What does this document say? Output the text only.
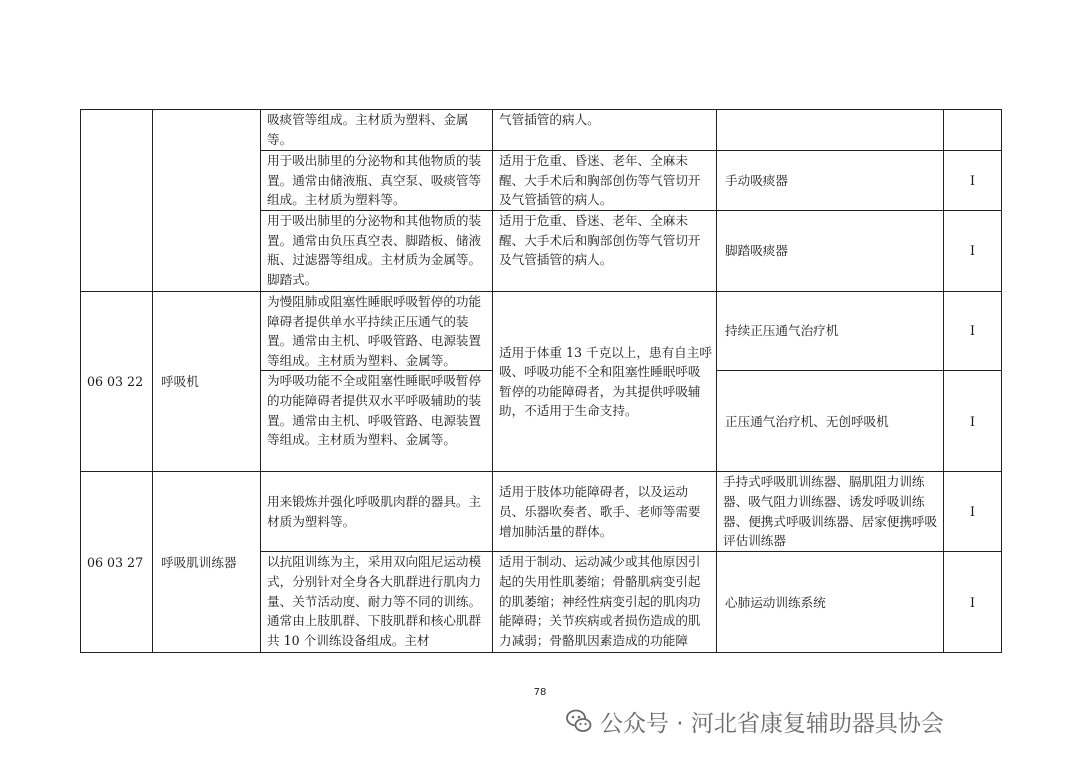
		吸痰管等组成。主材质为塑料、金属等。	气管插管的病人。		
		用于吸出肺里的分泌物和其他物质的装置。通常由储液瓶、真空泵、吸痰管等组成。主材质为塑料等。	适用于危重、昏迷、老年、全麻未醒、大手术后和胸部创伤等气管切开及气管插管的病人。	手动吸痰器	I
		用于吸出肺里的分泌物和其他物质的装置。通常由负压真空表、脚踏板、储液瓶、过滤器等组成。主材质为金属等。脚踏式。	适用于危重、昏迷、老年、全麻未醒、大手术后和胸部创伤等气管切开及气管插管的病人。	脚踏吸痰器	I
06 03 22	呼吸机	为慢阻肺或阻塞性睡眠呼吸暂停的功能障碍者提供单水平持续正压通气的装置。通常由主机、呼吸管路、电源装置等组成。主材质为塑料、金属等。	适用于体重 13 千克以上，患有自主呼吸、呼吸功能不全和阻塞性睡眠呼吸暂停的功能障碍者，为其提供呼吸辅助，不适用于生命支持。	持续正压通气治疗机	I
		为呼吸功能不全或阻塞性睡眠呼吸暂停的功能障碍者提供双水平呼吸辅助的装置。通常由主机、呼吸管路、电源装置等组成。主材质为塑料、金属等。		正压通气治疗机、无创呼吸机	I
06 03 27	呼吸肌训练器	用来锻炼并强化呼吸肌肉群的器具。主材质为塑料等。	适用于肢体功能障碍者，以及运动员、乐器吹奏者、歌手、老师等需要增加肺活量的群体。	手持式呼吸肌训练器、膈肌阻力训练器、吸气阻力训练器、诱发呼吸训练器、便携式呼吸训练器、居家便携呼吸评估训练器	I
		以抗阻训练为主，采用双向阻尼运动模式，分别针对全身各大肌群进行肌肉力量、关节活动度、耐力等不同的训练。通常由上肢肌群、下肢肌群和核心肌群共 10 个训练设备组成。主材	适用于制动、运动减少或其他原因引起的失用性肌萎缩；骨骼肌病变引起的肌萎缩；神经性病变引起的肌肉功能障碍；关节疾病或者损伤造成的肌力减弱；骨骼肌因素造成的功能障	心肺运动训练系统	I
78
公众号 · 河北省康复辅助器具协会
